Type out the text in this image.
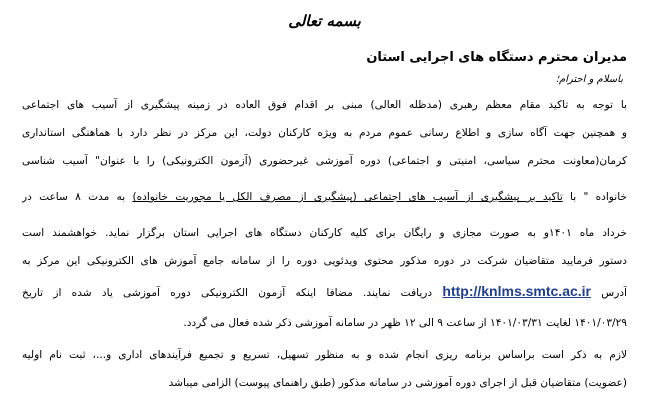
بسمه تعالی
مدیران محترم دستگاه های اجرایی استان
باسلام و احترام؛
با توجه به تاکید مقام معظم رهبری (مدظله العالی) مبنی بر اقدام فوق العاده در زمینه پیشگیری از آسیب های اجتماعی
و همچنین جهت آگاه سازی و اطلاع رسانی عموم مردم به ویژه کارکنان دولت، این مرکز در نظر دارد با هماهنگی استانداری
کرمان(معاونت محترم سیاسی، امنیتی و اجتماعی) دوره آموزشی غیرحضوری (آزمون الکترونیکی) را با عنوان" آسیب شناسی
خانواده " با تاکید بر پیشگیری از آسیب های اجتماعی (پیشگیری از مصرف الکل یا مجوریت خانواده) به مدت ۸ ساعت در
خرداد ماه ۱۴۰۱و به صورت مجازی و رایگان برای کلیه کارکنان دستگاه های اجرایی استان برگزار نماید. خواهشمند است
دستور فرمایید متقاضیان شرکت در دوره مذکور محتوی ویدئویی دوره را از سامانه جامع آموزش های الکترونیکی این مرکز به
آدرس http://knlms.smtc.ac.ir دریافت نمایند. مضافا اینکه آزمون الکترونیکی دوره آموزشی یاد شده از تاریخ
۱۴۰۱/۰۳/۲۹ لغایت ۱۴۰۱/۰۳/۳۱ از ساعت ۹ الی ۱۲ ظهر در سامانه آموزشی ذکر شده فعال می گردد.
لازم به ذکر است براساس برنامه ریزی انجام شده و به منظور تسهیل، تسریع و تجمیع فرآیندهای اداری و...، ثبت نام اولیه
(عضویت) متقاضیان قبل از اجرای دوره آموزشی در سامانه مذکور (طبق راهنمای پیوست) الزامی میباشد
